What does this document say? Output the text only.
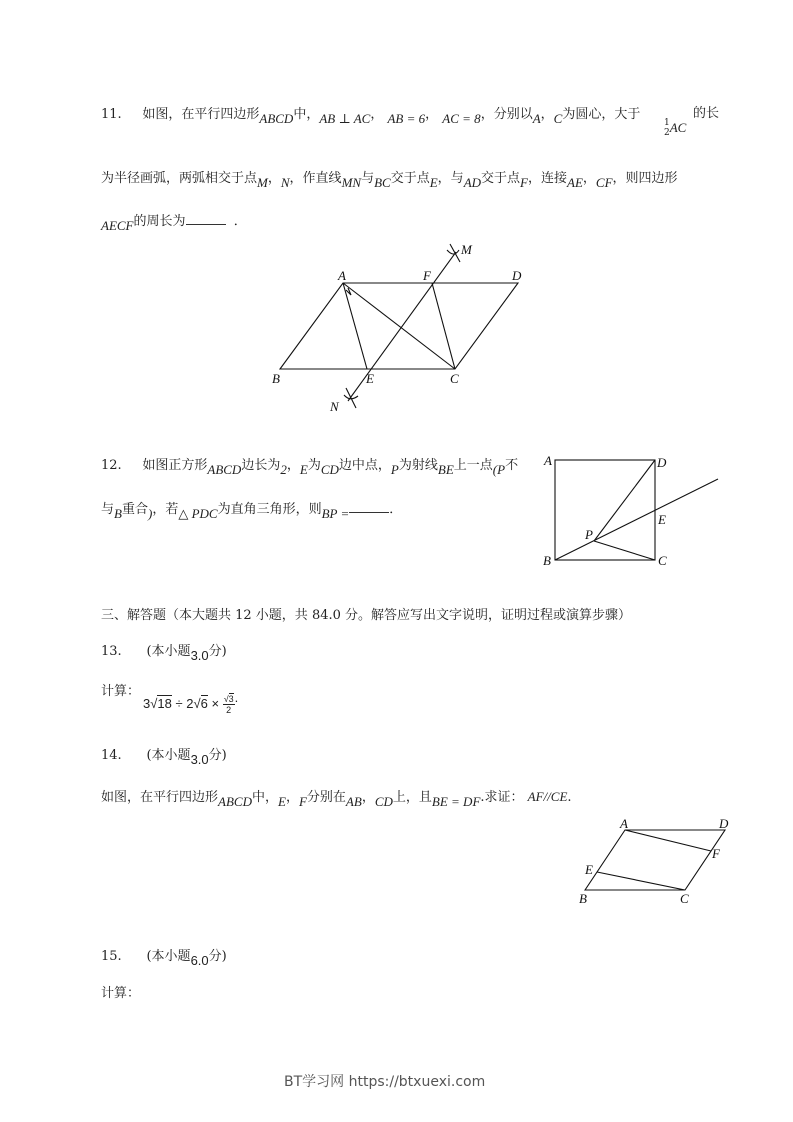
11. 如图，在平行四边形ABCD中，AB ⊥ AC， AB = 6， AC = 8，分别以A，C为圆心，大于
1
2AC
的长
为半径画弧，两弧相交于点M，N，作直线MN与BC交于点E，与AD交于点F，连接AE，CF，则四边形
AECF的周长为	．
A	F	D
B	E	C
M
N
12. 如图正方形ABCD边长为2，E为CD边中点，P为射线BE上一点(P不
与B重合)，若△ PDC为直角三角形，则BP =	．
A	D
E
P
B	C
三、解答题（本大题共 12 小题，共 84.0 分。解答应写出文字说明，证明过程或演算步骤）
13. (本小题3.0分)
计算：
3√18 ÷ 2√6 × √3
2.
14. (本小题3.0分)
如图，在平行四边形ABCD中，E，F分别在AB，CD上，且BE = DF.求证： AF//CE.
A	D
F
E
B	C
15. (本小题6.0分)
计算：
BT学习网 https://btxuexi.com
